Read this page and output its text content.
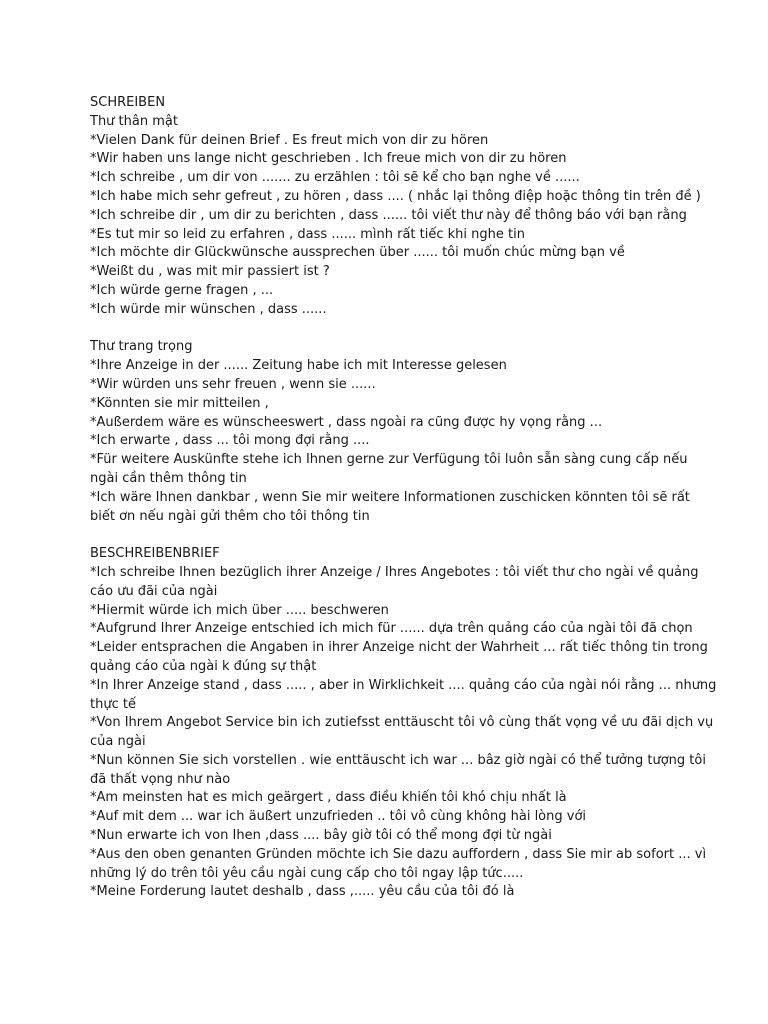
SCHREIBEN
Thư thân mật
*Vielen Dank für deinen Brief . Es freut mich von dir zu hören
*Wir haben uns lange nicht geschrieben . Ich freue mich von dir zu hören
*Ich schreibe , um dir von ....... zu erzählen : tôi sẽ kể cho bạn nghe về ......
*Ich habe mich sehr gefreut , zu hören , dass .... ( nhắc lại thông điệp hoặc thông tin trên đề )
*Ich schreibe dir , um dir zu berichten , dass ...... tôi viết thư này để thông báo với bạn rằng
*Es tut mir so leid zu erfahren , dass ...... mình rất tiếc khi nghe tin
*Ich möchte dir Glückwünsche aussprechen über ...... tôi muốn chúc mừng bạn về
*Weißt du , was mit mir passiert ist ?
*Ich würde gerne fragen , ...
*Ich würde mir wünschen , dass ......
Thư trang trọng
*Ihre Anzeige in der ...... Zeitung habe ich mit Interesse gelesen
*Wir würden uns sehr freuen , wenn sie ......
*Könnten sie mir mitteilen ,
*Außerdem wäre es wünscheeswert , dass ngoài ra cũng được hy vọng rằng ...
*Ich erwarte , dass ... tôi mong đợi rằng ....
*Für weitere Auskünfte stehe ich Ihnen gerne zur Verfügung tôi luôn sẵn sàng cung cấp nếu
ngài cần thêm thông tin
*Ich wäre Ihnen dankbar , wenn Sie mir weitere Informationen zuschicken könnten tôi sẽ rất
biết ơn nếu ngài gửi thêm cho tôi thông tin
BESCHREIBENBRIEF
*Ich schreibe Ihnen bezüglich ihrer Anzeige / Ihres Angebotes : tôi viết thư cho ngài về quảng
cáo ưu đãi của ngài
*Hiermit würde ich mich über ..... beschweren
*Aufgrund Ihrer Anzeige entschied ich mich für ...... dựa trên quảng cáo của ngài tôi đã chọn
*Leider entsprachen die Angaben in ihrer Anzeige nicht der Wahrheit ... rất tiếc thông tin trong
quảng cáo của ngài k đúng sự thật
*In Ihrer Anzeige stand , dass ..... , aber in Wirklichkeit .... quảng cáo của ngài nói rằng ... nhưng
thực tế
*Von Ihrem Angebot Service bin ich zutiefsst enttäuscht tôi vô cùng thất vọng về ưu đãi dịch vụ
của ngài
*Nun können Sie sich vorstellen . wie enttäuscht ich war ... bâz giờ ngài có thể tưởng tượng tôi
đã thất vọng như nào
*Am meinsten hat es mich geärgert , dass điều khiến tôi khó chịu nhất là
*Auf mit dem ... war ich äußert unzufrieden .. tôi vô cùng không hài lòng với
*Nun erwarte ich von Ihen ,dass .... bây giờ tôi có thể mong đợi từ ngài
*Aus den oben genanten Gründen möchte ich Sie dazu auffordern , dass Sie mir ab sofort ... vì
những lý do trên tôi yêu cầu ngài cung cấp cho tôi ngay lập tức.....
*Meine Forderung lautet deshalb , dass ,..... yêu cầu của tôi đó là
